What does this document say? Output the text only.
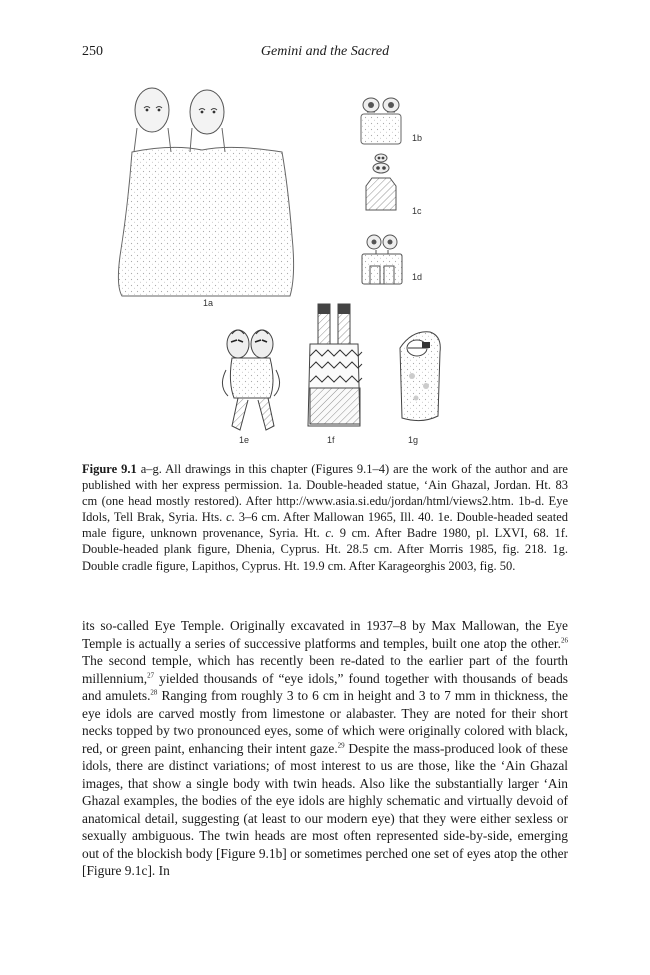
250	Gemini and the Sacred
1a
1b
1c
1d
1e	1f	1g
Figure 9.1 a–g. All drawings in this chapter (Figures 9.1–4) are the work of the author and are published with her express permission. 1a. Double-headed statue, ‘Ain Ghazal, Jordan. Ht. 83 cm (one head mostly restored). After http://www.asia.si.edu/jordan/html/views2.htm. 1b-d. Eye Idols, Tell Brak, Syria. Hts. c. 3–6 cm. After Mallowan 1965, Ill. 40. 1e. Double-headed seated male figure, unknown provenance, Syria. Ht. c. 9 cm. After Badre 1980, pl. LXVI, 68. 1f. Double-headed plank figure, Dhenia, Cyprus. Ht. 28.5 cm. After Morris 1985, fig. 218. 1g. Double cradle figure, Lapithos, Cyprus. Ht. 19.9 cm. After Karageorghis 2003, fig. 50.
its so-called Eye Temple. Originally excavated in 1937–8 by Max Mallowan, the Eye Temple is actually a series of successive platforms and temples, built one atop the other.$^{26}$ The second temple, which has recently been re-dated to the earlier part of the fourth millennium,$^{27}$ yielded thousands of “eye idols,” found together with thousands of beads and amulets.$^{28}$ Ranging from roughly 3 to 6 cm in height and 3 to 7 mm in thickness, the eye idols are carved mostly from limestone or alabaster. They are noted for their short necks topped by two pronounced eyes, some of which were originally colored with black, red, or green paint, enhancing their intent gaze.$^{29}$ Despite the mass-produced look of these idols, there are distinct variations; of most interest to us are those, like the ‘Ain Ghazal images, that show a single body with twin heads. Also like the substantially larger ‘Ain Ghazal examples, the bodies of the eye idols are highly schematic and virtually devoid of anatomical detail, suggesting (at least to our modern eye) that they were either sexless or sexually ambiguous. The twin heads are most often represented side-by-side, emerging out of the blockish body [Figure 9.1b] or sometimes perched one set of eyes atop the other [Figure 9.1c]. In
